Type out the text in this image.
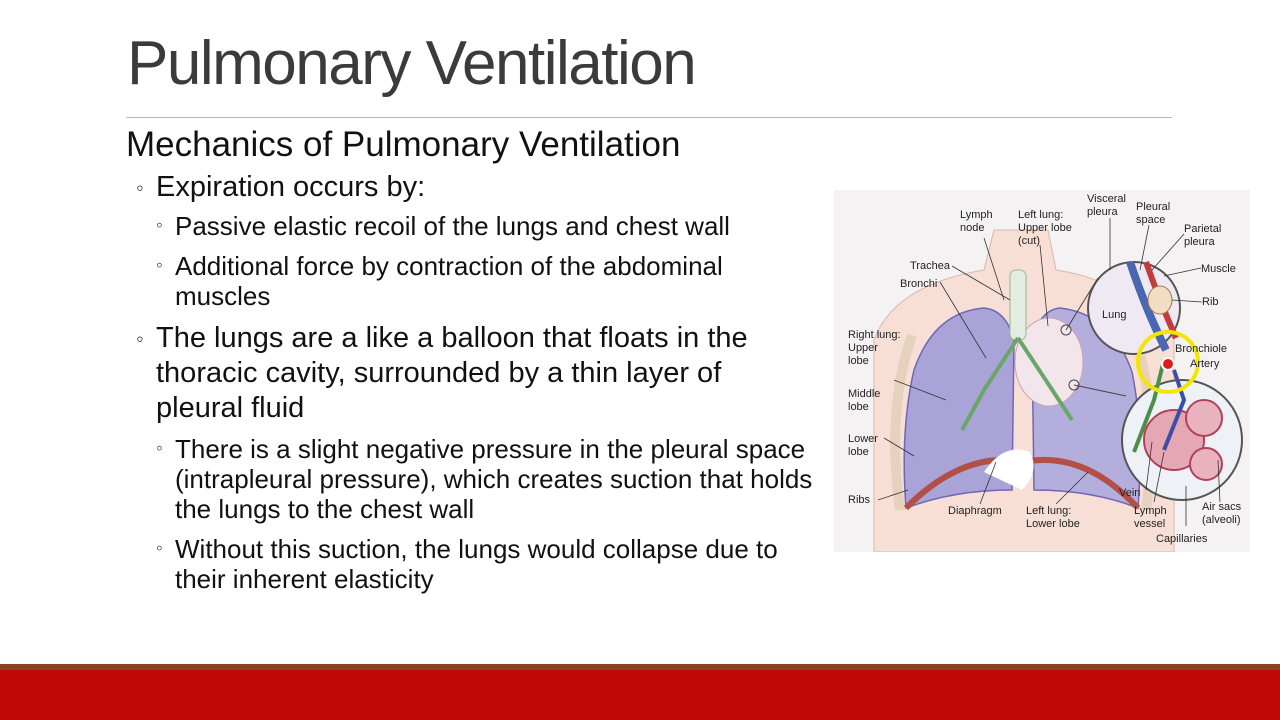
Pulmonary Ventilation
Mechanics of Pulmonary Ventilation
◦ Expiration occurs by:
◦ Passive elastic recoil of the lungs and chest wall
◦ Additional force by contraction of the abdominal muscles
◦ The lungs are a like a balloon that floats in the thoracic cavity, surrounded by a thin layer of pleural fluid
◦ There is a slight negative pressure in the pleural space (intrapleural pressure), which creates suction that holds the lungs to the chest wall
◦ Without this suction, the lungs would collapse due to their inherent elasticity
Lymph node
Left lung: Upper lobe (cut)
Visceral pleura	Pleural space
Parietal pleura
Trachea
Bronchi
Muscle
Rib
Lung
Right lung: Upper lobe
Bronchiole
Artery
Middle lobe
Lower lobe
Ribs
Diaphragm Left lung: Lower lobe
Vein
Lymph vessel
Air sacs (alveoli)
Capillaries
